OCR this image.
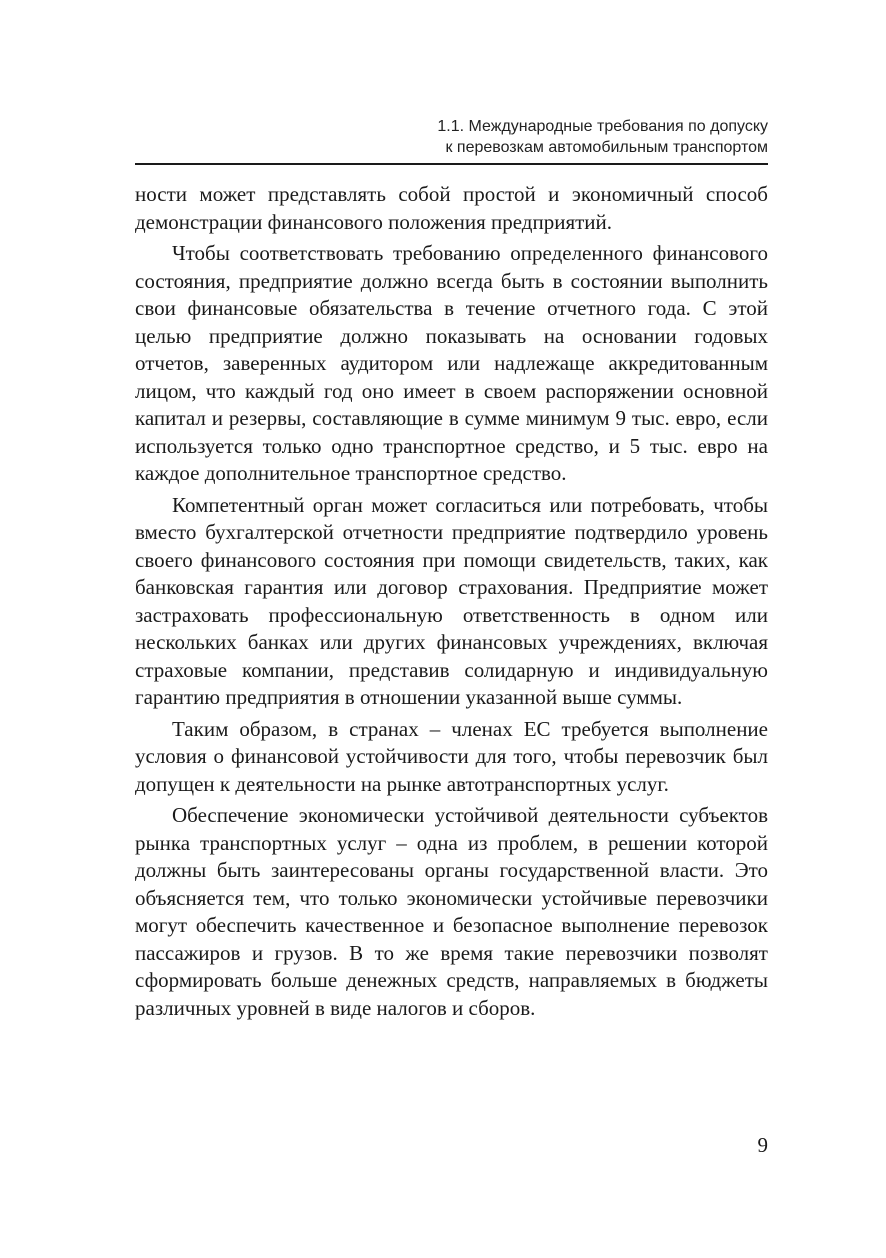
1.1. Международные требования по допуску
к перевозкам автомобильным транспортом

ности может представлять собой простой и экономичный способ демонстрации финансового положения предприятий.

Чтобы соответствовать требованию определенного финансового состояния, предприятие должно всегда быть в состоянии выполнить свои финансовые обязательства в течение отчетного года. С этой целью предприятие должно показывать на основании годовых отчетов, заверенных аудитором или надлежаще аккредитованным лицом, что каждый год оно имеет в своем распоряжении основной капитал и резервы, составляющие в сумме минимум 9 тыс. евро, если используется только одно транспортное средство, и 5 тыс. евро на каждое дополнительное транспортное средство.

Компетентный орган может согласиться или потребовать, чтобы вместо бухгалтерской отчетности предприятие подтвердило уровень своего финансового состояния при помощи свидетельств, таких, как банковская гарантия или договор страхования. Предприятие может застраховать профессиональную ответственность в одном или нескольких банках или других финансовых учреждениях, включая страховые компании, представив солидарную и индивидуальную гарантию предприятия в отношении указанной выше суммы.

Таким образом, в странах – членах ЕС требуется выполнение условия о финансовой устойчивости для того, чтобы перевозчик был допущен к деятельности на рынке автотранспортных услуг.

Обеспечение экономически устойчивой деятельности субъектов рынка транспортных услуг – одна из проблем, в решении которой должны быть заинтересованы органы государственной власти. Это объясняется тем, что только экономически устойчивые перевозчики могут обеспечить качественное и безопасное выполнение перевозок пассажиров и грузов. В то же время такие перевозчики позволят сформировать больше денежных средств, направляемых в бюджеты различных уровней в виде налогов и сборов.

9
